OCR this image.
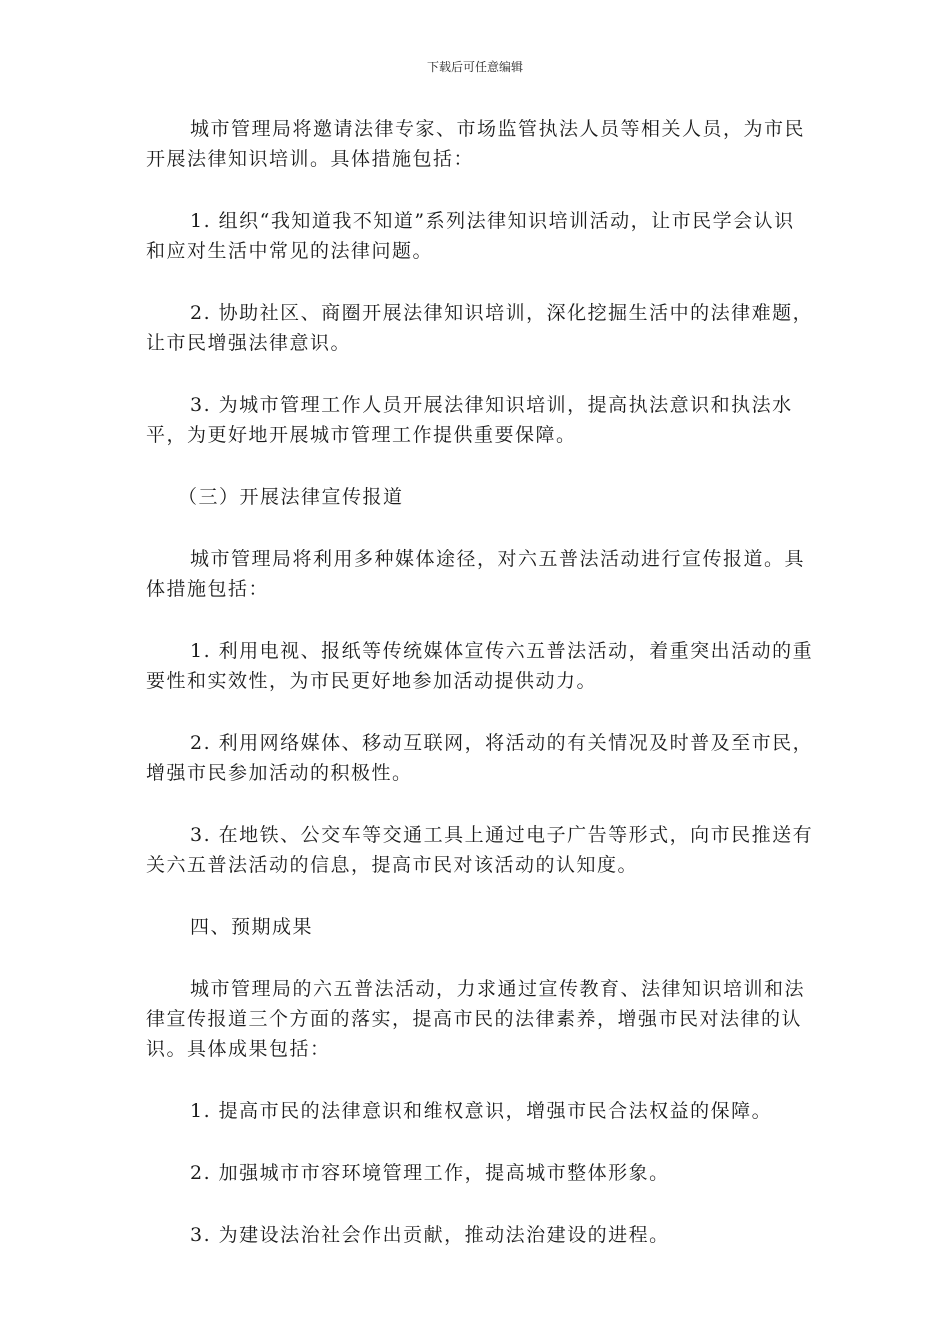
下载后可任意编辑

城市管理局将邀请法律专家、市场监管执法人员等相关人员，为市民开展法律知识培训。具体措施包括：

1. 组织“我知道我不知道”系列法律知识培训活动，让市民学会认识和应对生活中常见的法律问题。

2. 协助社区、商圈开展法律知识培训，深化挖掘生活中的法律难题，让市民增强法律意识。

3. 为城市管理工作人员开展法律知识培训，提高执法意识和执法水平，为更好地开展城市管理工作提供重要保障。

（三）开展法律宣传报道

城市管理局将利用多种媒体途径，对六五普法活动进行宣传报道。具体措施包括：

1. 利用电视、报纸等传统媒体宣传六五普法活动，着重突出活动的重要性和实效性，为市民更好地参加活动提供动力。

2. 利用网络媒体、移动互联网，将活动的有关情况及时普及至市民，增强市民参加活动的积极性。

3. 在地铁、公交车等交通工具上通过电子广告等形式，向市民推送有关六五普法活动的信息，提高市民对该活动的认知度。

四、预期成果

城市管理局的六五普法活动，力求通过宣传教育、法律知识培训和法律宣传报道三个方面的落实，提高市民的法律素养，增强市民对法律的认识。具体成果包括：

1. 提高市民的法律意识和维权意识，增强市民合法权益的保障。

2. 加强城市市容环境管理工作，提高城市整体形象。

3. 为建设法治社会作出贡献，推动法治建设的进程。
